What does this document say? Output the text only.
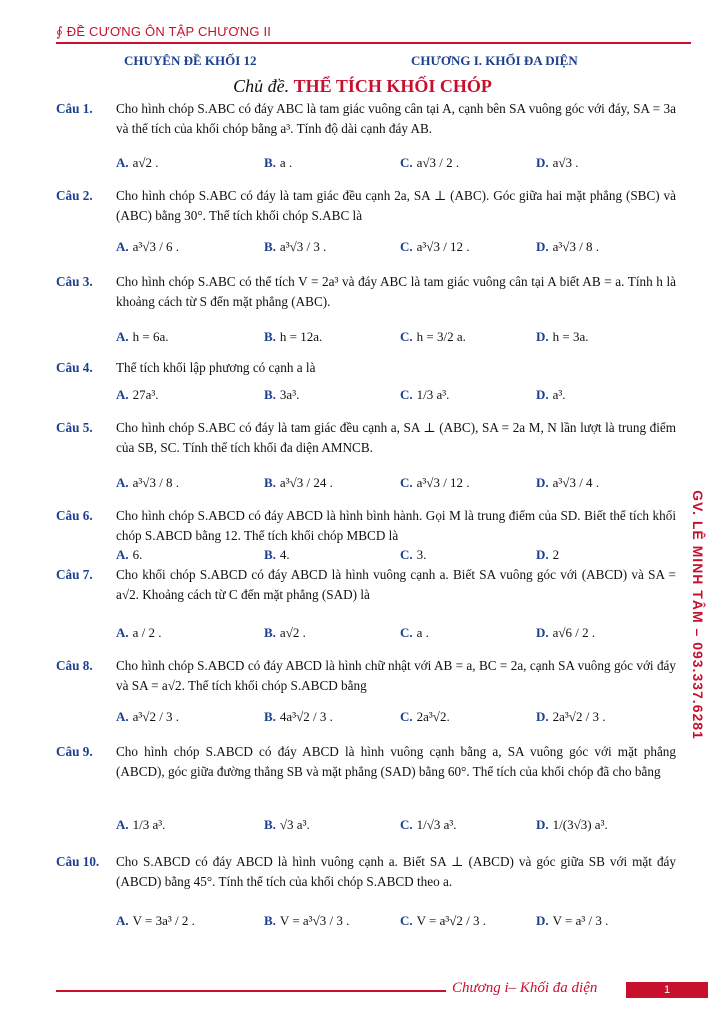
∮ ĐỀ CƯƠNG ÔN TẬP CHƯƠNG II
CHUYÊN ĐỀ KHỐI 12	CHƯƠNG I. KHỐI ĐA DIỆN
Chủ đề. THỂ TÍCH KHỐI CHÓP
Câu 1. Cho hình chóp S.ABC có đáy ABC là tam giác vuông cân tại A, cạnh bên SA vuông góc với đáy, SA = 3a và thể tích của khối chóp bằng a³. Tính độ dài cạnh đáy AB.
A. a√2 .	B. a .	C. a√3 / 2 .	D. a√3 .
Câu 2. Cho hình chóp S.ABC có đáy là tam giác đều cạnh 2a, SA ⊥ (ABC). Góc giữa hai mặt phẳng (SBC) và (ABC) bằng 30°. Thể tích khối chóp S.ABC là
A. a³√3 / 6 .	B. a³√3 / 3 .	C. a³√3 / 12 .	D. a³√3 / 8 .
Câu 3. Cho hình chóp S.ABC có thể tích V = 2a³ và đáy ABC là tam giác vuông cân tại A biết AB = a. Tính h là khoảng cách từ S đến mặt phẳng (ABC).
A. h = 6a.	B. h = 12a.	C. h = 3/2 a.	D. h = 3a.
Câu 4. Thể tích khối lập phương có cạnh a là
A. 27a³.	B. 3a³.	C. 1/3 a³.	D. a³.
Câu 5. Cho hình chóp S.ABC có đáy là tam giác đều cạnh a, SA ⊥ (ABC), SA = 2a M, N lần lượt là trung điểm của SB, SC. Tính thể tích khối đa diện AMNCB.
A. a³√3 / 8 .	B. a³√3 / 24 .	C. a³√3 / 12 .	D. a³√3 / 4 .
Câu 6. Cho hình chóp S.ABCD có đáy ABCD là hình bình hành. Gọi M là trung điểm của SD. Biết thể tích khối chóp S.ABCD bằng 12. Thể tích khối chóp MBCD là
A. 6.	B. 4.	C. 3.	D. 2
Câu 7. Cho khối chóp S.ABCD có đáy ABCD là hình vuông cạnh a. Biết SA vuông góc với (ABCD) và SA = a√2. Khoảng cách từ C đến mặt phẳng (SAD) là
A. a / 2 .	B. a√2 .	C. a .	D. a√6 / 2 .
Câu 8. Cho hình chóp S.ABCD có đáy ABCD là hình chữ nhật với AB = a, BC = 2a, cạnh SA vuông góc với đáy và SA = a√2. Thể tích khối chóp S.ABCD bằng
A. a³√2 / 3 .	B. 4a³√2 / 3 .	C. 2a³√2.	D. 2a³√2 / 3 .
Câu 9. Cho hình chóp S.ABCD có đáy ABCD là hình vuông cạnh bằng a, SA vuông góc với mặt phẳng (ABCD), góc giữa đường thẳng SB và mặt phẳng (SAD) bằng 60°. Thể tích của khối chóp đã cho bằng
A. 1/3 a³.	B. √3 a³.	C. 1/√3 a³.	D. 1/(3√3) a³.
Câu 10. Cho S.ABCD có đáy ABCD là hình vuông cạnh a. Biết SA ⊥ (ABCD) và góc giữa SB với mặt đáy (ABCD) bằng 45°. Tính thể tích của khối chóp S.ABCD theo a.
A. V = 3a³ / 2 .	B. V = a³√3 / 3 .	C. V = a³√2 / 3 .	D. V = a³ / 3 .
GV. LÊ MINH TÂM – 093.337.6281
Chương i– Khối đa diện	1
